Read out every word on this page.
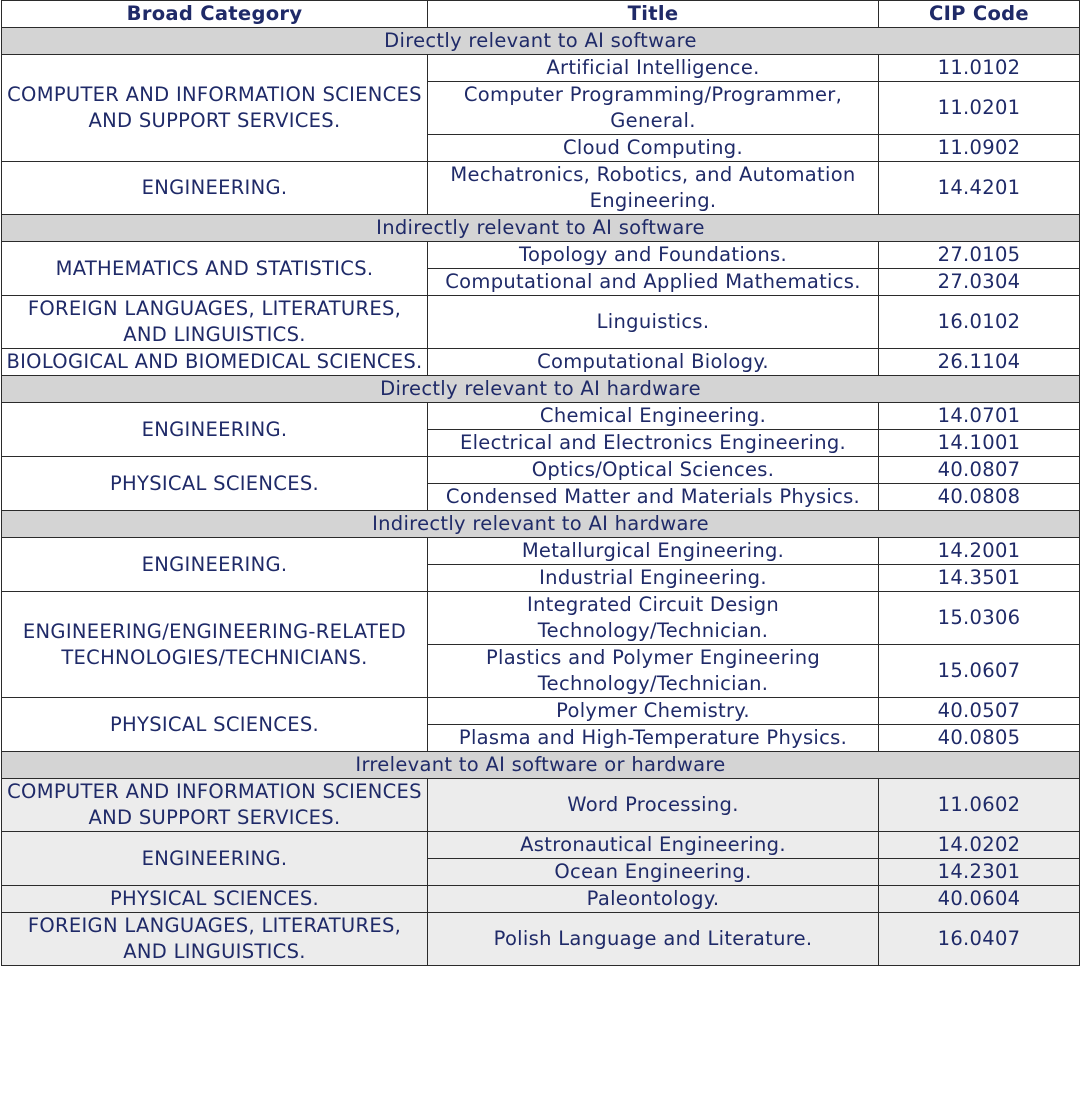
Broad Category	Title	CIP Code
Directly relevant to AI software		
COMPUTER AND INFORMATION SCIENCES AND SUPPORT SERVICES.	Artificial Intelligence.	11.0102
	Computer Programming/Programmer, General.	11.0201
	Cloud Computing.	11.0902
ENGINEERING.	Mechatronics, Robotics, and Automation Engineering.	14.4201
Indirectly relevant to AI software		
MATHEMATICS AND STATISTICS.	Topology and Foundations.	27.0105
	Computational and Applied Mathematics.	27.0304
FOREIGN LANGUAGES, LITERATURES, AND LINGUISTICS.	Linguistics.	16.0102
BIOLOGICAL AND BIOMEDICAL SCIENCES.	Computational Biology.	26.1104
Directly relevant to AI hardware		
ENGINEERING.	Chemical Engineering.	14.0701
	Electrical and Electronics Engineering.	14.1001
PHYSICAL SCIENCES.	Optics/Optical Sciences.	40.0807
	Condensed Matter and Materials Physics.	40.0808
Indirectly relevant to AI hardware		
ENGINEERING.	Metallurgical Engineering.	14.2001
	Industrial Engineering.	14.3501
ENGINEERING/ENGINEERING-RELATED TECHNOLOGIES/TECHNICIANS.	Integrated Circuit Design Technology/Technician.	15.0306
	Plastics and Polymer Engineering Technology/Technician.	15.0607
PHYSICAL SCIENCES.	Polymer Chemistry.	40.0507
	Plasma and High-Temperature Physics.	40.0805
Irrelevant to AI software or hardware		
COMPUTER AND INFORMATION SCIENCES AND SUPPORT SERVICES.	Word Processing.	11.0602
ENGINEERING.	Astronautical Engineering.	14.0202
	Ocean Engineering.	14.2301
PHYSICAL SCIENCES.	Paleontology.	40.0604
FOREIGN LANGUAGES, LITERATURES, AND LINGUISTICS.	Polish Language and Literature.	16.0407
